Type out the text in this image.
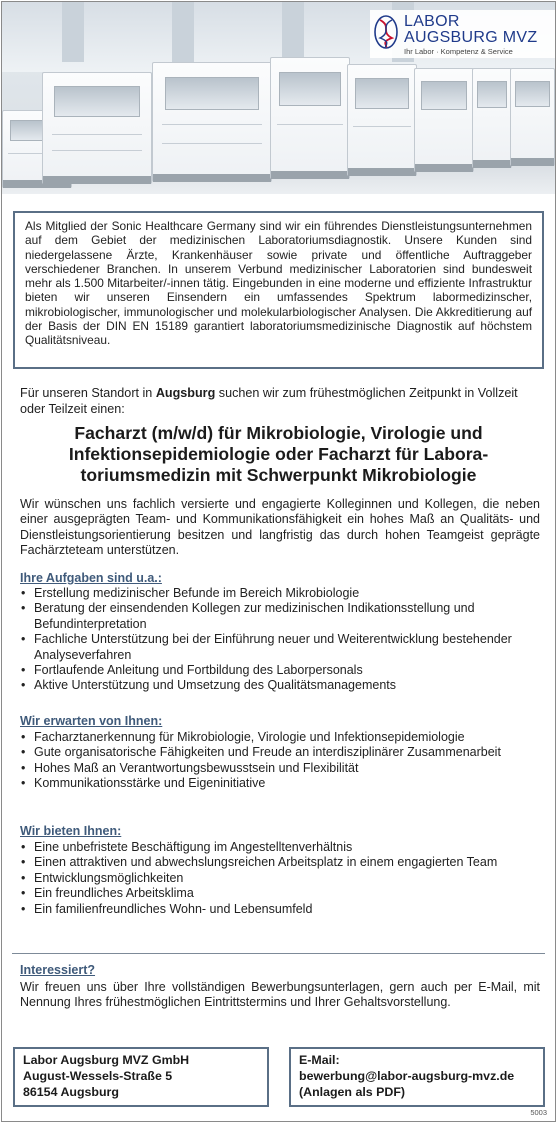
LABOR
AUGSBURG MVZ
Ihr Labor · Kompetenz & Service

Als Mitglied der Sonic Healthcare Germany sind wir ein führendes Dienstleistungsunternehmen auf dem Gebiet der medizinischen Laboratoriumsdiagnostik. Unsere Kunden sind niedergelassene Ärzte, Krankenhäuser sowie private und öffentliche Auftraggeber verschiedener Branchen. In unserem Verbund medizinischer Laboratorien sind bundesweit mehr als 1.500 Mitarbeiter/-innen tätig. Eingebunden in eine moderne und effiziente Infrastruktur bieten wir unseren Einsendern ein umfassendes Spektrum labormedizinscher, mikrobiologischer, immunologischer und molekularbiologischer Analysen. Die Akkreditierung auf der Basis der DIN EN 15189 garantiert laboratoriumsmedizinische Diagnostik auf höchstem Qualitätsniveau.

Für unseren Standort in Augsburg suchen wir zum frühestmöglichen Zeitpunkt in Vollzeit oder Teilzeit einen:

Facharzt (m/w/d) für Mikrobiologie, Virologie und Infektionsepidemiologie oder Facharzt für Laboratoriumsmedizin mit Schwerpunkt Mikrobiologie

Wir wünschen uns fachlich versierte und engagierte Kolleginnen und Kollegen, die neben einer ausgeprägten Team- und Kommunikationsfähigkeit ein hohes Maß an Qualitäts- und Dienstleistungsorientierung besitzen und langfristig das durch hohen Teamgeist geprägte Fachärzteteam unterstützen.

Ihre Aufgaben sind u.a.:
• Erstellung medizinischer Befunde im Bereich Mikrobiologie
• Beratung der einsendenden Kollegen zur medizinischen Indikationsstellung und Befundinterpretation
• Fachliche Unterstützung bei der Einführung neuer und Weiterentwicklung bestehender Analyseverfahren
• Fortlaufende Anleitung und Fortbildung des Laborpersonals
• Aktive Unterstützung und Umsetzung des Qualitätsmanagements
Wir erwarten von Ihnen:
• Facharztanerkennung für Mikrobiologie, Virologie und Infektionsepidemiologie
• Gute organisatorische Fähigkeiten und Freude an interdisziplinärer Zusammenarbeit
• Hohes Maß an Verantwortungsbewusstsein und Flexibilität
• Kommunikationsstärke und Eigeninitiative
Wir bieten Ihnen:
• Eine unbefristete Beschäftigung im Angestelltenverhältnis
• Einen attraktiven und abwechslungsreichen Arbeitsplatz in einem engagierten Team
• Entwicklungsmöglichkeiten
• Ein freundliches Arbeitsklima
• Ein familienfreundliches Wohn- und Lebensumfeld
Interessiert?

Wir freuen uns über Ihre vollständigen Bewerbungsunterlagen, gern auch per E-Mail, mit Nennung Ihres frühestmöglichen Eintrittstermins und Ihrer Gehaltsvorstellung.

Labor Augsburg MVZ GmbH
August-Wessels-Straße 5
86154 Augsburg
E-Mail:
bewerbung@labor-augsburg-mvz.de
(Anlagen als PDF)
5003
